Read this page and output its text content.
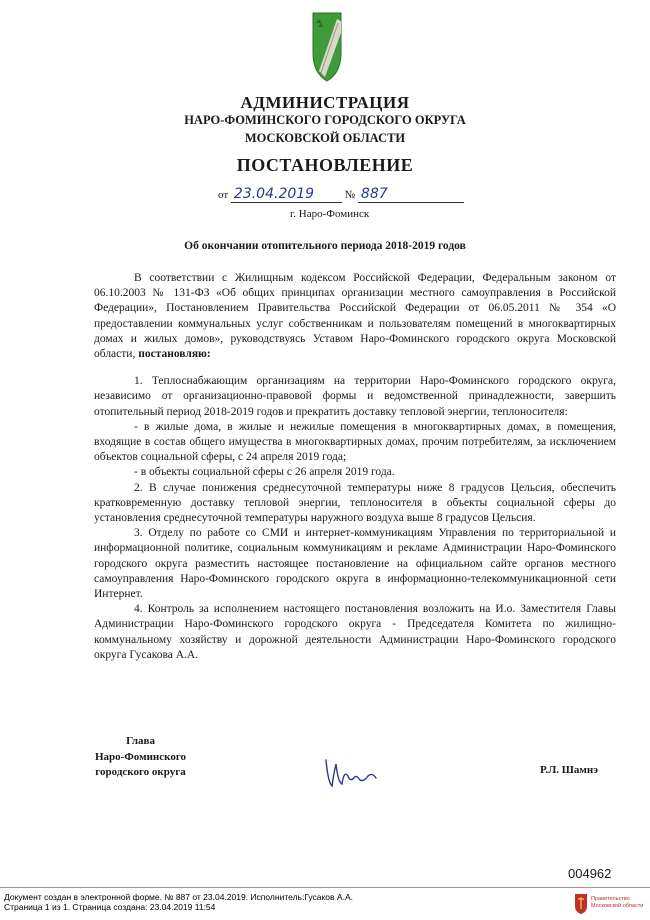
АДМИНИСТРАЦИЯ
НАРО-ФОМИНСКОГО ГОРОДСКОГО ОКРУГА
МОСКОВСКОЙ ОБЛАСТИ
ПОСТАНОВЛЕНИЕ
от 23.04.2019	№ 887
г. Наро-Фоминск
Об окончании отопительного периода 2018-2019 годов

В соответствии с Жилищным кодексом Российской Федерации, Федеральным законом от 06.10.2003 № 131-ФЗ «Об общих принципах организации местного самоуправления в Российской Федерации», Постановлением Правительства Российской Федерации от 06.05.2011 № 354 «О предоставлении коммунальных услуг собственникам и пользователям помещений в многоквартирных домах и жилых домов», руководствуясь Уставом Наро-Фоминского городского округа Московской области, постановляю:

1. Теплоснабжающим организациям на территории Наро-Фоминского городского округа, независимо от организационно-правовой формы и ведомственной принадлежности, завершить отопительный период 2018-2019 годов и прекратить доставку тепловой энергии, теплоносителя:

- в жилые дома, в жилые и нежилые помещения в многоквартирных домах, в помещения, входящие в состав общего имущества в многоквартирных домах, прочим потребителям, за исключением объектов социальной сферы, с 24 апреля 2019 года;

- в объекты социальной сферы с 26 апреля 2019 года.

2. В случае понижения среднесуточной температуры ниже 8 градусов Цельсия, обеспечить кратковременную доставку тепловой энергии, теплоносителя в объекты социальной сферы до установления среднесуточной температуры наружного воздуха выше 8 градусов Цельсия.

3. Отделу по работе со СМИ и интернет-коммуникациям Управления по территориальной и информационной политике, социальным коммуникациям и рекламе Администрации Наро-Фоминского городского округа разместить настоящее постановление на официальном сайте органов местного самоуправления Наро-Фоминского городского округа в информационно-телекоммуникационной сети Интернет.

4. Контроль за исполнением настоящего постановления возложить на И.о. Заместителя Главы Администрации Наро-Фоминского городского округа - Председателя Комитета по жилищно-коммунальному хозяйству и дорожной деятельности Администрации Наро-Фоминского городского округа Гусакова А.А.

Глава
Наро-Фоминского
городского округа	Р.Л. Шамнэ
004962
Документ создан в электронной форме. № 887 от 23.04.2019. Исполнитель:Гусаков А.А.
Страница 1 из 1. Страница создана: 23.04.2019 11:54
Правительство
Московской области
